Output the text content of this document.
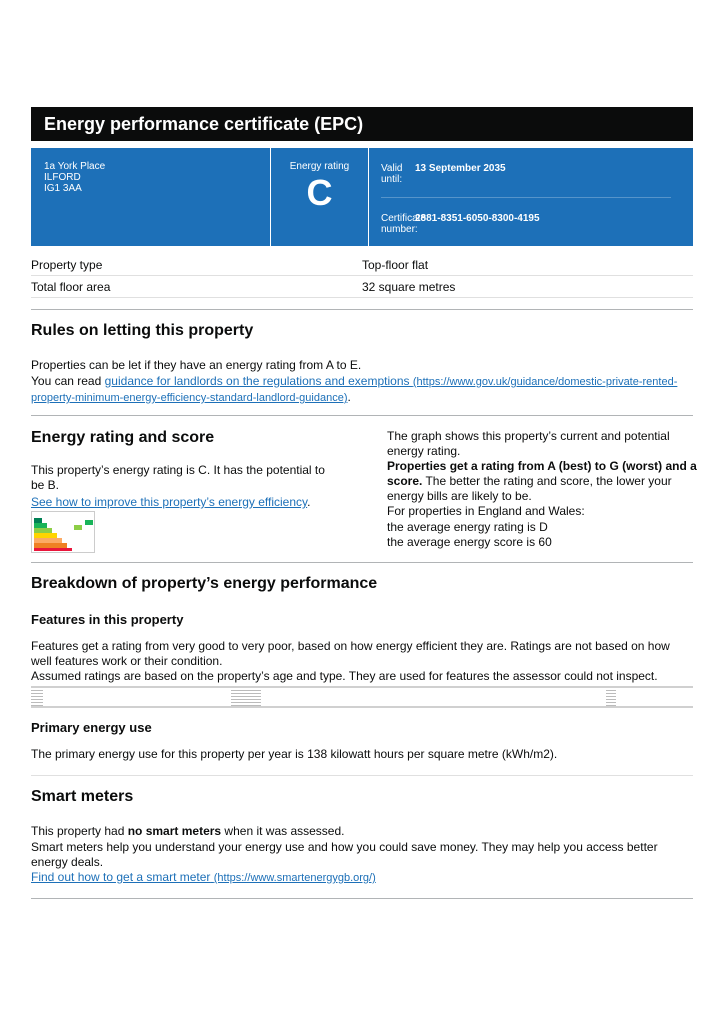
Energy performance certificate (EPC)
1a York Place
ILFORD
IG1 3AA
Energy rating
C
Valid until:
13 September 2035
Certificate number:
2881-8351-6050-8300-4195
Property type	Top-floor flat
Total floor area	32 square metres
Rules on letting this property
Properties can be let if they have an energy rating from A to E.
You can read guidance for landlords on the regulations and exemptions (https://www.gov.uk/guidance/domestic-private-rented-
property-minimum-energy-efficiency-standard-landlord-guidance).
Energy rating and score
This property’s energy rating is C. It has the potential to be B.
See how to improve this property’s energy efficiency.
The graph shows this property’s current and potential energy rating.
Properties get a rating from A (best) to G (worst) and a score. The better the rating and score, the lower your energy bills are likely to be.
For properties in England and Wales:
the average energy rating is D
the average energy score is 60
Breakdown of property’s energy performance
Features in this property
Features get a rating from very good to very poor, based on how energy efficient they are. Ratings are not based on how well features work or their condition.
Assumed ratings are based on the property’s age and type. They are used for features the assessor could not inspect.
Primary energy use
The primary energy use for this property per year is 138 kilowatt hours per square metre (kWh/m2).
Smart meters
This property had no smart meters when it was assessed.
Smart meters help you understand your energy use and how you could save money. They may help you access better energy deals.
Find out how to get a smart meter (https://www.smartenergygb.org/)
